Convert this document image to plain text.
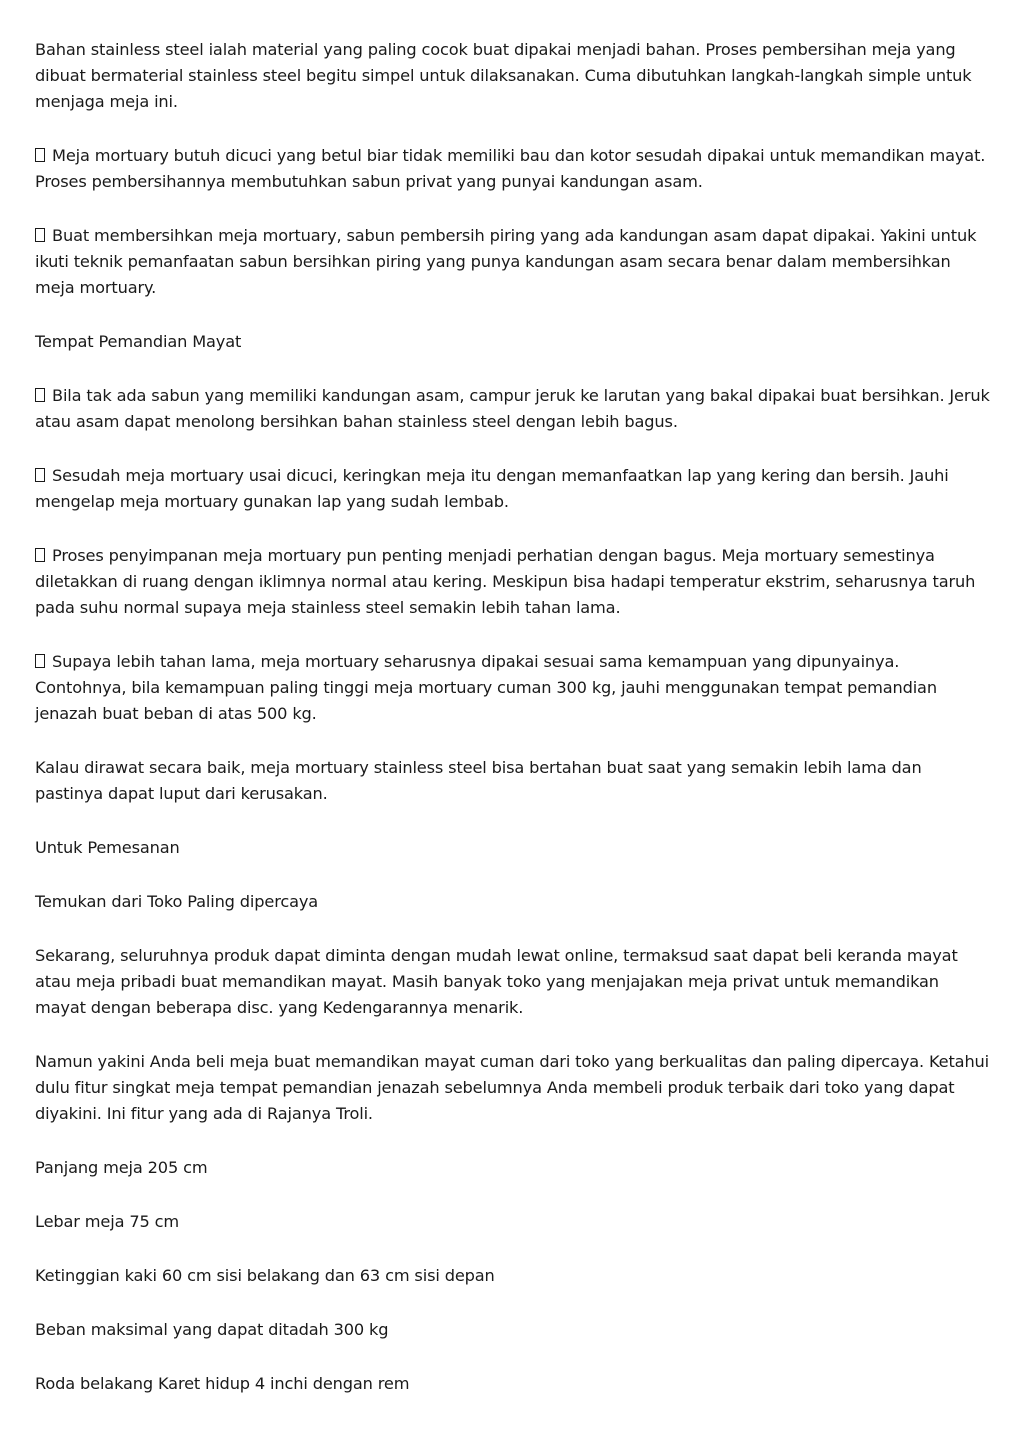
Bahan stainless steel ialah material yang paling cocok buat dipakai menjadi bahan. Proses pembersihan meja yang dibuat bermaterial stainless steel begitu simpel untuk dilaksanakan. Cuma dibutuhkan langkah-langkah simple untuk menjaga meja ini.

Meja mortuary butuh dicuci yang betul biar tidak memiliki bau dan kotor sesudah dipakai untuk memandikan mayat. Proses pembersihannya membutuhkan sabun privat yang punyai kandungan asam.

Buat membersihkan meja mortuary, sabun pembersih piring yang ada kandungan asam dapat dipakai. Yakini untuk ikuti teknik pemanfaatan sabun bersihkan piring yang punya kandungan asam secara benar dalam membersihkan meja mortuary.

Tempat Pemandian Mayat

Bila tak ada sabun yang memiliki kandungan asam, campur jeruk ke larutan yang bakal dipakai buat bersihkan. Jeruk atau asam dapat menolong bersihkan bahan stainless steel dengan lebih bagus.

Sesudah meja mortuary usai dicuci, keringkan meja itu dengan memanfaatkan lap yang kering dan bersih. Jauhi mengelap meja mortuary gunakan lap yang sudah lembab.

Proses penyimpanan meja mortuary pun penting menjadi perhatian dengan bagus. Meja mortuary semestinya diletakkan di ruang dengan iklimnya normal atau kering. Meskipun bisa hadapi temperatur ekstrim, seharusnya taruh pada suhu normal supaya meja stainless steel semakin lebih tahan lama.

Supaya lebih tahan lama, meja mortuary seharusnya dipakai sesuai sama kemampuan yang dipunyainya. Contohnya, bila kemampuan paling tinggi meja mortuary cuman 300 kg, jauhi menggunakan tempat pemandian jenazah buat beban di atas 500 kg.

Kalau dirawat secara baik, meja mortuary stainless steel bisa bertahan buat saat yang semakin lebih lama dan pastinya dapat luput dari kerusakan.

Untuk Pemesanan

Temukan dari Toko Paling dipercaya

Sekarang, seluruhnya produk dapat diminta dengan mudah lewat online, termaksud saat dapat beli keranda mayat atau meja pribadi buat memandikan mayat. Masih banyak toko yang menjajakan meja privat untuk memandikan mayat dengan beberapa disc. yang Kedengarannya menarik.

Namun yakini Anda beli meja buat memandikan mayat cuman dari toko yang berkualitas dan paling dipercaya. Ketahui dulu fitur singkat meja tempat pemandian jenazah sebelumnya Anda membeli produk terbaik dari toko yang dapat diyakini. Ini fitur yang ada di Rajanya Troli.

Panjang meja 205 cm

Lebar meja 75 cm

Ketinggian kaki 60 cm sisi belakang dan 63 cm sisi depan

Beban maksimal yang dapat ditadah 300 kg

Roda belakang Karet hidup 4 inchi dengan rem
